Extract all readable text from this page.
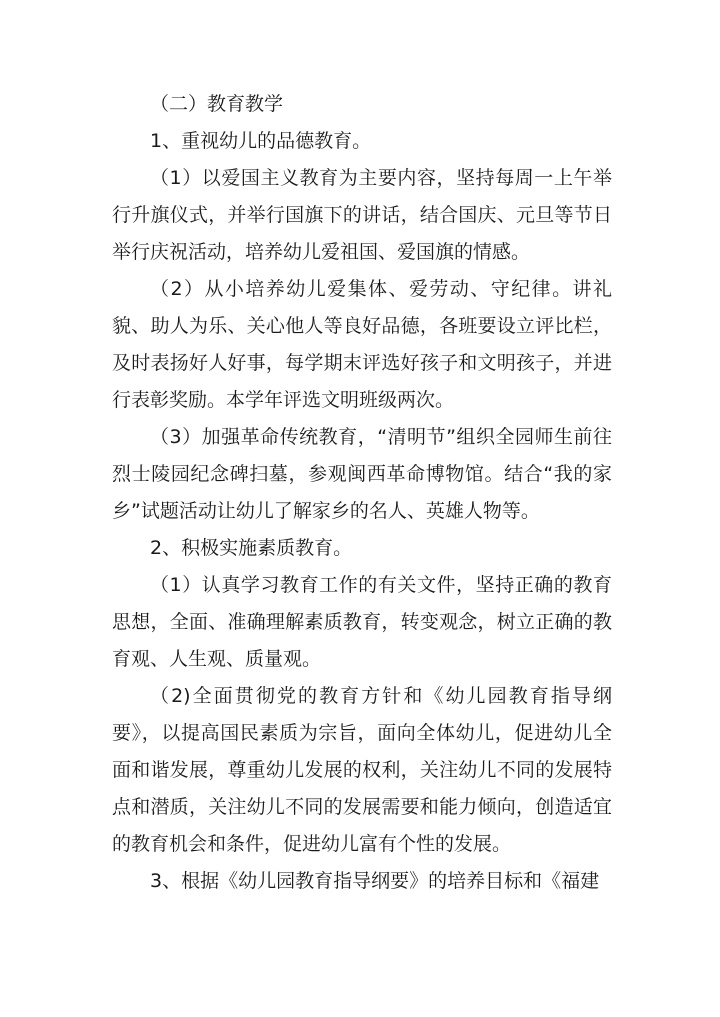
（二）教育教学

1、重视幼儿的品德教育。

（1）以爱国主义教育为主要内容，坚持每周一上午举行升旗仪式，并举行国旗下的讲话，结合国庆、元旦等节日举行庆祝活动，培养幼儿爱祖国、爱国旗的情感。

（2）从小培养幼儿爱集体、爱劳动、守纪律。讲礼貌、助人为乐、关心他人等良好品德，各班要设立评比栏，及时表扬好人好事，每学期末评选好孩子和文明孩子，并进行表彰奖励。本学年评选文明班级两次。

（3）加强革命传统教育，“清明节”组织全园师生前往烈士陵园纪念碑扫墓，参观闽西革命博物馆。结合“我的家乡”试题活动让幼儿了解家乡的名人、英雄人物等。

2、积极实施素质教育。

（1）认真学习教育工作的有关文件，坚持正确的教育思想，全面、准确理解素质教育，转变观念，树立正确的教育观、人生观、质量观。

（2)全面贯彻党的教育方针和《幼儿园教育指导纲要》，以提高国民素质为宗旨，面向全体幼儿，促进幼儿全面和谐发展，尊重幼儿发展的权利，关注幼儿不同的发展特点和潜质，关注幼儿不同的发展需要和能力倾向，创造适宜的教育机会和条件，促进幼儿富有个性的发展。

3、根据《幼儿园教育指导纲要》的培养目标和《福建
